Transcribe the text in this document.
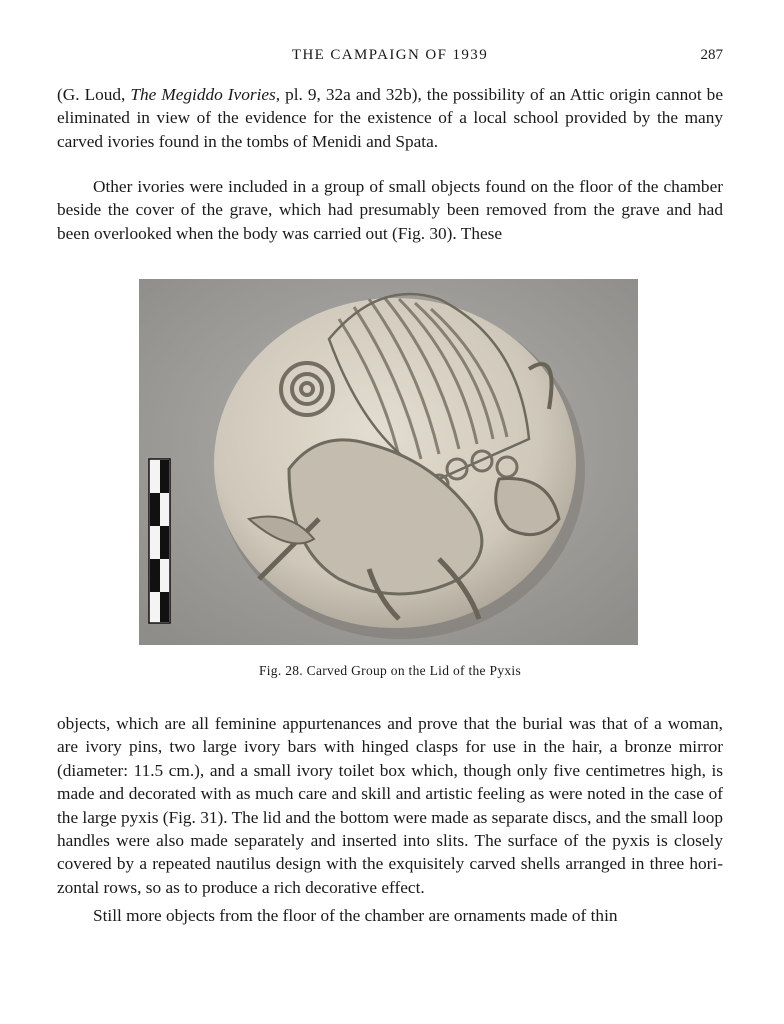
THE CAMPAIGN OF 1939	287

(G. Loud, The Megiddo Ivories, pl. 9, 32a and 32b), the possibility of an Attic origin cannot be eliminated in view of the evidence for the existence of a local school provided by the many carved ivories found in the tombs of Menidi and Spata.

Other ivories were included in a group of small objects found on the floor of the chamber beside the cover of the grave, which had presumably been removed from the grave and had been overlooked when the body was carried out (Fig. 30). These

Fig. 28. Carved Group on the Lid of the Pyxis

objects, which are all feminine appurtenances and prove that the burial was that of a woman, are ivory pins, two large ivory bars with hinged clasps for use in the hair, a bronze mirror (diameter: 11.5 cm.), and a small ivory toilet box which, though only five centimetres high, is made and decorated with as much care and skill and artistic feeling as were noted in the case of the large pyxis (Fig. 31). The lid and the bottom were made as separate discs, and the small loop handles were also made separately and inserted into slits. The surface of the pyxis is closely covered by a repeated nautilus design with the exquisitely carved shells arranged in three horizontal rows, so as to produce a rich decorative effect.

Still more objects from the floor of the chamber are ornaments made of thin
